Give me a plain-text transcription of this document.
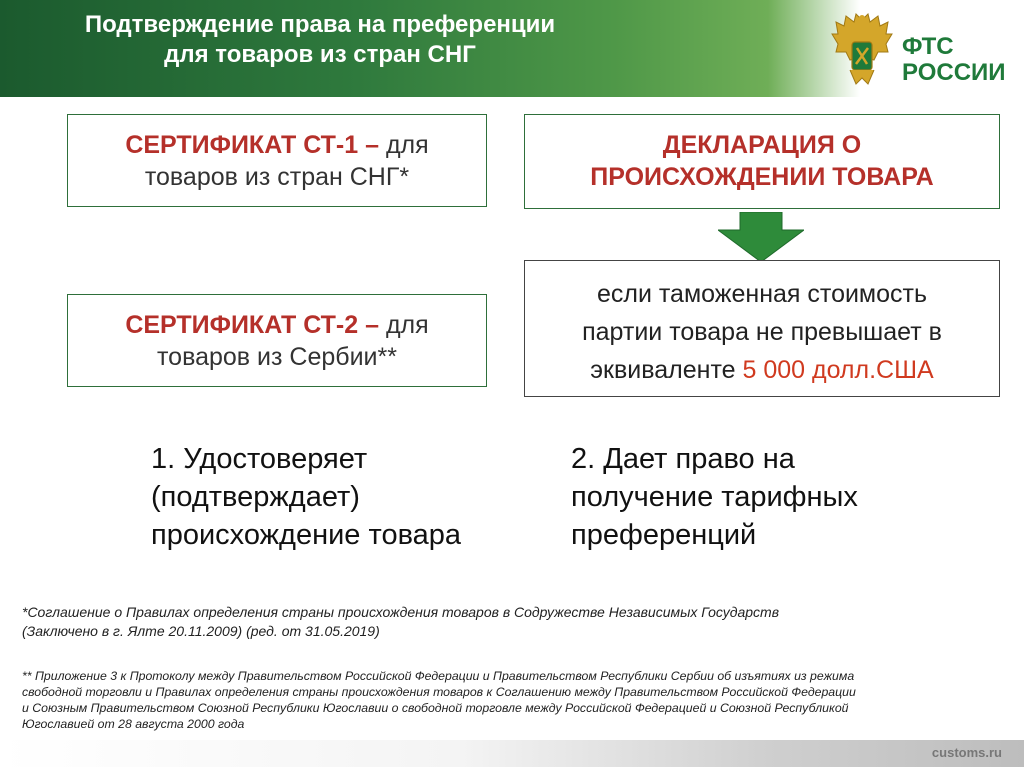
Подтверждение права на преференции
для товаров из стран СНГ	ФТС
РОССИИ
СЕРТИФИКАТ СТ-1 – для
товаров из стран СНГ*
СЕРТИФИКАТ СТ-2 – для
товаров из Сербии**
ДЕКЛАРАЦИЯ О
ПРОИСХОЖДЕНИИ ТОВАРА
если таможенная стоимость
партии товара не превышает в
эквиваленте 5 000 долл.США
1. Удостоверяет
(подтверждает)
происхождение товара
2. Дает право на
получение тарифных
преференций
*Соглашение о Правилах определения страны происхождения товаров в Содружестве Независимых Государств
(Заключено в г. Ялте 20.11.2009) (ред. от 31.05.2019)
** Приложение 3 к Протоколу между Правительством Российской Федерации и Правительством Республики Сербии об изъятиях из режима
свободной торговли и Правилах определения страны происхождения товаров к Соглашению между Правительством Российской Федерации
и Союзным Правительством Союзной Республики Югославии о свободной торговле между Российской Федерацией и Союзной Республикой
Югославией от 28 августа 2000 года
customs.ru
